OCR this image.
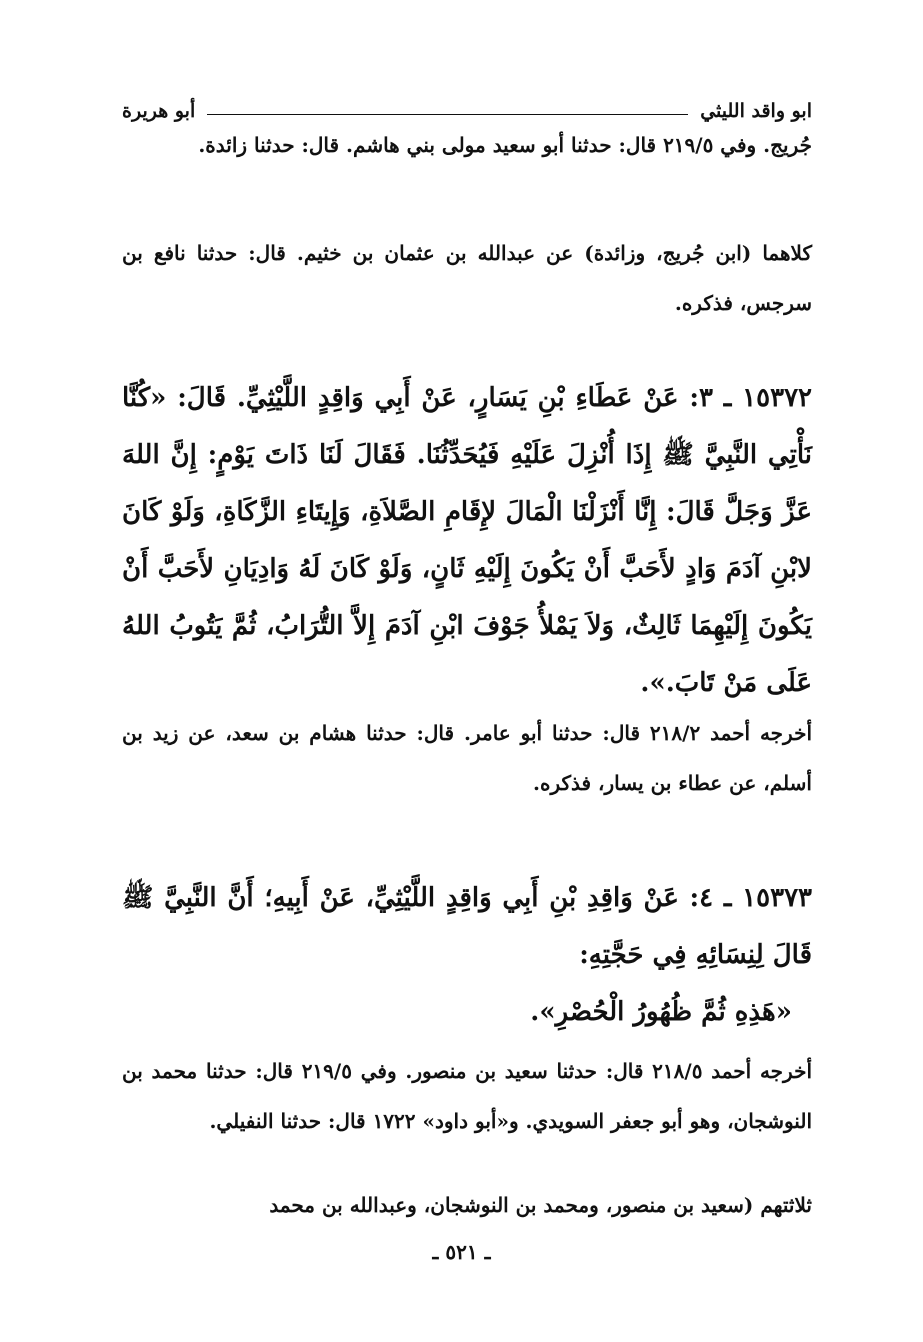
ابو واقد الليثي
أبو هريرة

جُريج. وفي ٢١٩/٥ قال: حدثنا أبو سعيد مولى بني هاشم. قال: حدثنا زائدة.

كلاهما (ابن جُريج، وزائدة) عن عبدالله بن عثمان بن خثيم. قال: حدثنا نافع بن سرجس، فذكره.

١٥٣٧٢ ـ ٣: عَنْ عَطَاءِ بْنِ يَسَارٍ، عَنْ أَبِي وَاقِدٍ اللَّيْثِيِّ. قَالَ: «كُنَّا نَأْتِي النَّبِيَّ ﷺ إِذَا أُنْزِلَ عَلَيْهِ فَيُحَدِّثُنَا. فَقَالَ لَنَا ذَاتَ يَوْمٍ: إِنَّ اللهَ عَزَّ وَجَلَّ قَالَ: إِنَّا أَنْزَلْنَا الْمَالَ لإِقَامِ الصَّلاَةِ، وَإِيتَاءِ الزَّكَاةِ، وَلَوْ كَانَ لابْنِ آدَمَ وَادٍ لأَحَبَّ أَنْ يَكُونَ إِلَيْهِ ثَانٍ، وَلَوْ كَانَ لَهُ وَادِيَانِ لأَحَبَّ أَنْ يَكُونَ إِلَيْهِمَا ثَالِثٌ، وَلاَ يَمْلأُ جَوْفَ ابْنِ آدَمَ إِلاَّ التُّرَابُ، ثُمَّ يَتُوبُ اللهُ عَلَى مَنْ تَابَ.».

أخرجه أحمد ٢١٨/٢ قال: حدثنا أبو عامر. قال: حدثنا هشام بن سعد، عن زيد بن أسلم، عن عطاء بن يسار، فذكره.

١٥٣٧٣ ـ ٤: عَنْ وَاقِدِ بْنِ أَبِي وَاقِدٍ اللَّيْثِيِّ، عَنْ أَبِيهِ؛ أَنَّ النَّبِيَّ ﷺ قَالَ لِنِسَائِهِ فِي حَجَّتِهِ:

«هَذِهِ ثُمَّ ظُهُورُ الْحُصْرِ».

أخرجه أحمد ٢١٨/٥ قال: حدثنا سعيد بن منصور. وفي ٢١٩/٥ قال: حدثنا محمد بن النوشجان، وهو أبو جعفر السويدي. و«أبو داود» ١٧٢٢ قال: حدثنا النفيلي.

ثلاثتهم (سعيد بن منصور، ومحمد بن النوشجان، وعبدالله بن محمد

ـ ٥٢١ ـ
